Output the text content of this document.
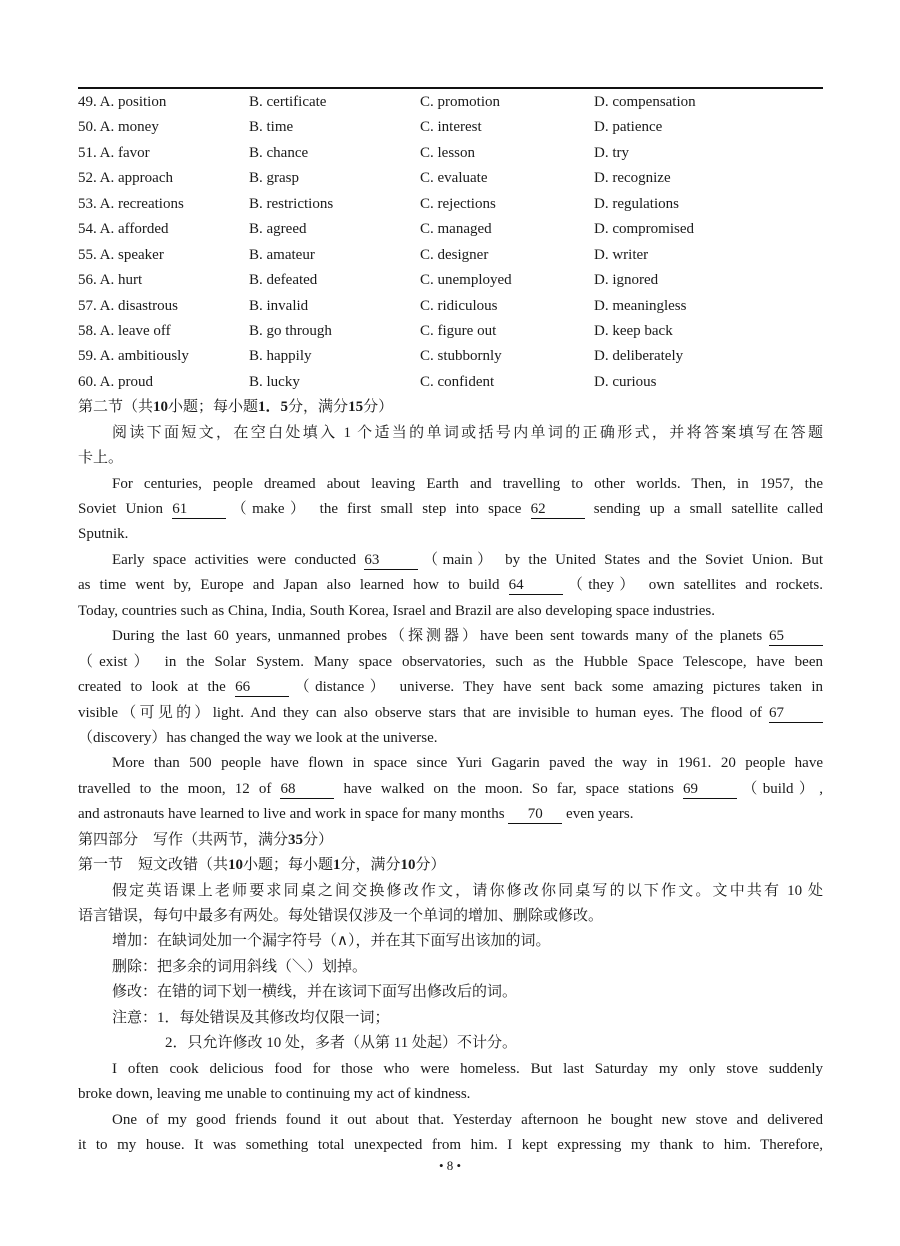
49. A. position	B. certificate	C. promotion	D. compensation
50. A. money	B. time	C. interest	D. patience
51. A. favor	B. chance	C. lesson	D. try
52. A. approach	B. grasp	C. evaluate	D. recognize
53. A. recreations	B. restrictions	C. rejections	D. regulations
54. A. afforded	B. agreed	C. managed	D. compromised
55. A. speaker	B. amateur	C. designer	D. writer
56. A. hurt	B. defeated	C. unemployed	D. ignored
57. A. disastrous	B. invalid	C. ridiculous	D. meaningless
58. A. leave off	B. go through	C. figure out	D. keep back
59. A. ambitiously	B. happily	C. stubbornly	D. deliberately
60. A. proud	B. lucky	C. confident	D. curious
第二节（共10小题；每小题1．5分，满分15分）
阅读下面短文，在空白处填入 1 个适当的单词或括号内单词的正确形式，并将答案填写在答题
卡上。
For centuries, people dreamed about leaving Earth and travelling to other worlds. Then, in 1957, the
Soviet Union 61	（make） the first small step into space 62	sending up a small satellite called
Sputnik.
Early space activities were conducted 63	（main） by the United States and the Soviet Union. But
as time went by, Europe and Japan also learned how to build 64	（they） own satellites and rockets.
Today, countries such as China, India, South Korea, Israel and Brazil are also developing space industries.
During the last 60 years, unmanned probes（探测器）have been sent towards many of the planets 65
（exist） in the Solar System. Many space observatories, such as the Hubble Space Telescope, have been
created to look at the 66	（distance） universe. They have sent back some amazing pictures taken in
visible（可见的）light. And they can also observe stars that are invisible to human eyes. The flood of 67
（discovery）has changed the way we look at the universe.
More than 500 people have flown in space since Yuri Gagarin paved the way in 1961. 20 people have
travelled to the moon, 12 of 68	have walked on the moon. So far, space stations 69	（build）,
and astronauts have learned to live and work in space for many months 70 even years.
第四部分　写作（共两节，满分35分）
第一节　短文改错（共10小题；每小题1分，满分10分）
假定英语课上老师要求同桌之间交换修改作文，请你修改你同桌写的以下作文。文中共有 10 处
语言错误，每句中最多有两处。每处错误仅涉及一个单词的增加、删除或修改。
增加：在缺词处加一个漏字符号（∧），并在其下面写出该加的词。
删除：把多余的词用斜线（＼）划掉。
修改：在错的词下划一横线，并在该词下面写出修改后的词。
注意：1．每处错误及其修改均仅限一词；
2．只允许修改 10 处，多者（从第 11 处起）不计分。
I often cook delicious food for those who were homeless. But last Saturday my only stove suddenly
broke down, leaving me unable to continuing my act of kindness.
One of my good friends found it out about that. Yesterday afternoon he bought new stove and delivered
it to my house. It was something total unexpected from him. I kept expressing my thank to him. Therefore,
• 8 •
